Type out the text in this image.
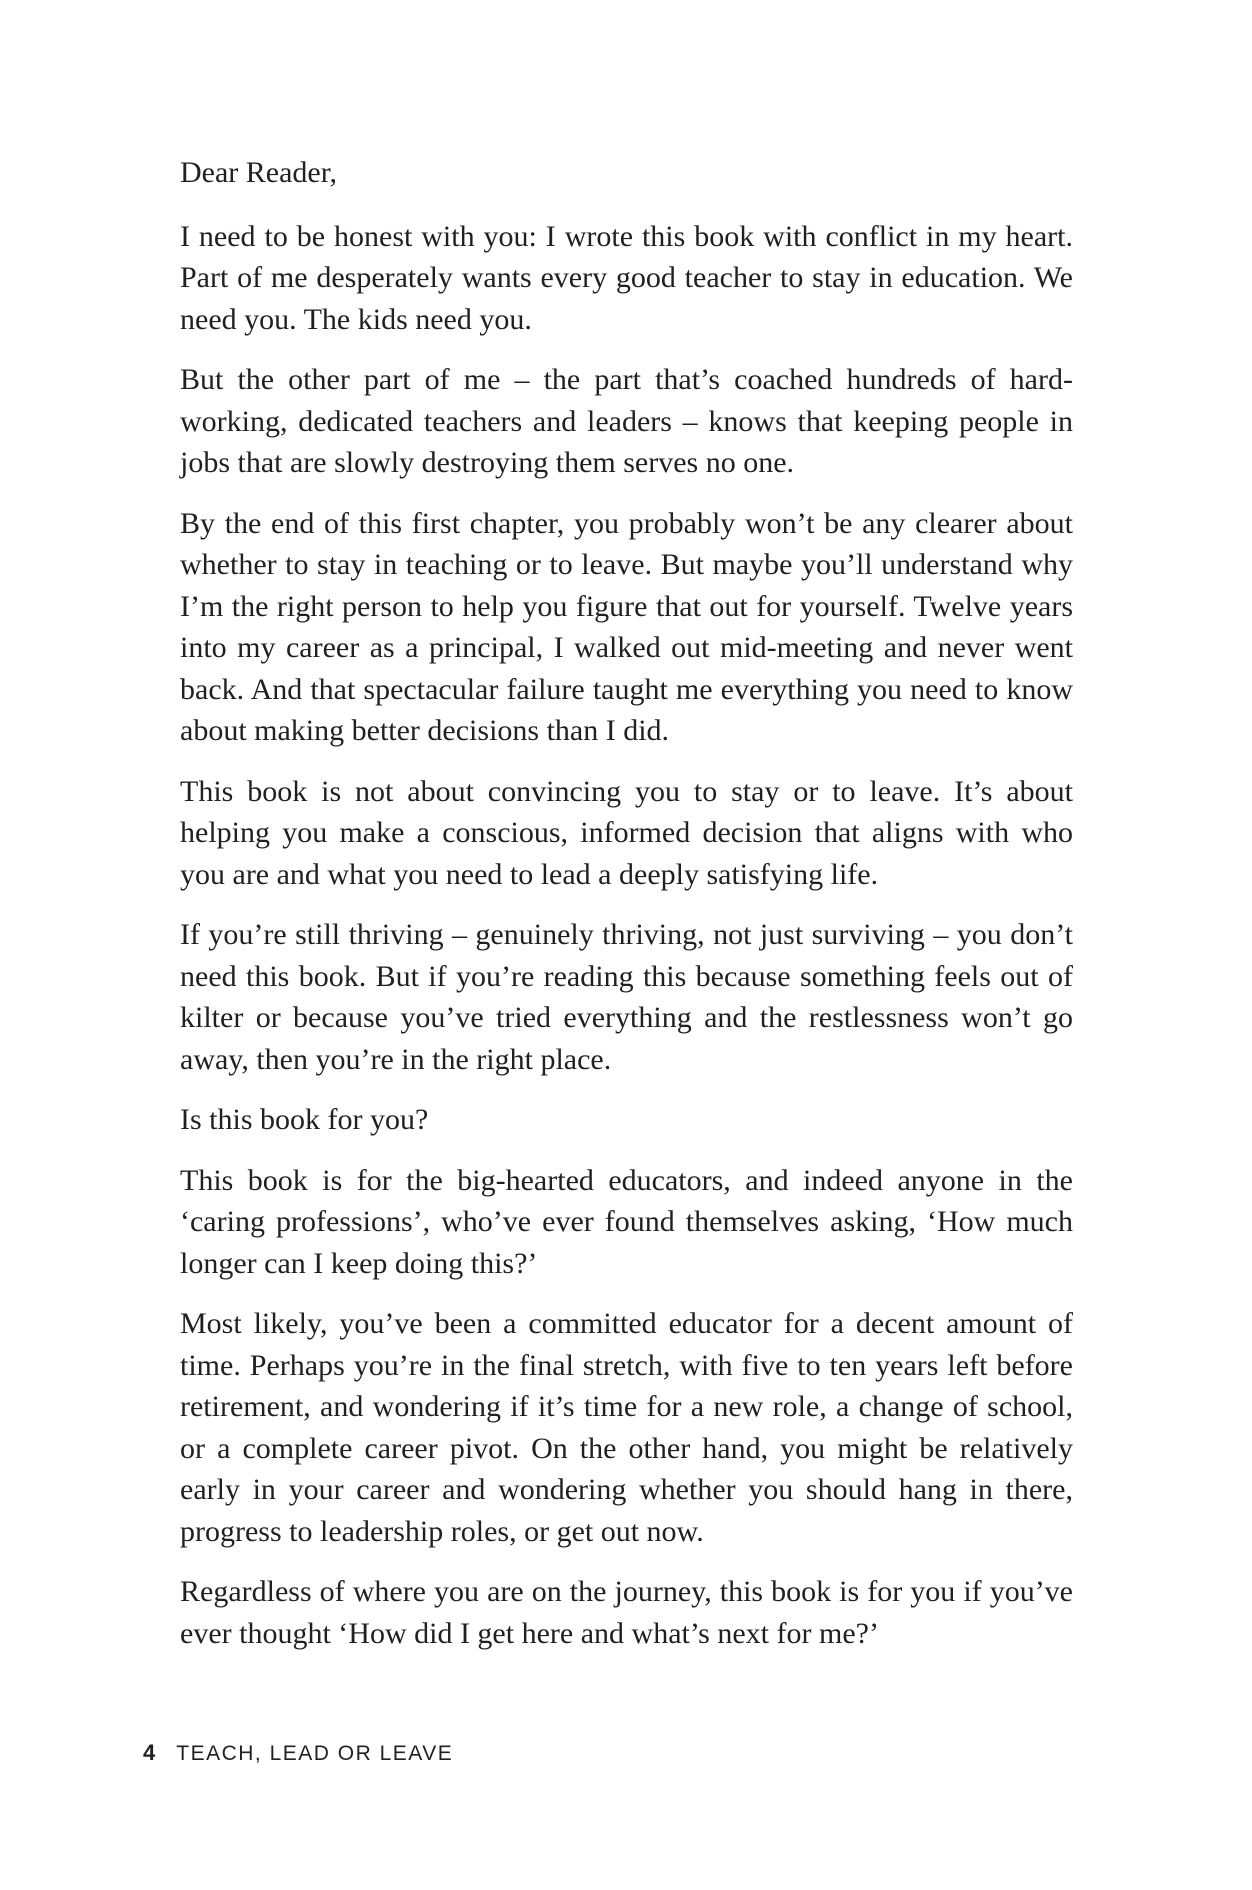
Dear Reader,

I need to be honest with you: I wrote this book with conflict in my heart. Part of me desperately wants every good teacher to stay in education. We need you. The kids need you.

But the other part of me – the part that’s coached hundreds of hardworking, dedicated teachers and leaders – knows that keeping people in jobs that are slowly destroying them serves no one.

By the end of this first chapter, you probably won’t be any clearer about whether to stay in teaching or to leave. But maybe you’ll understand why I’m the right person to help you figure that out for yourself. Twelve years into my career as a principal, I walked out mid-meeting and never went back. And that spectacular failure taught me everything you need to know about making better decisions than I did.

This book is not about convincing you to stay or to leave. It’s about helping you make a conscious, informed decision that aligns with who you are and what you need to lead a deeply satisfying life.

If you’re still thriving – genuinely thriving, not just surviving – you don’t need this book. But if you’re reading this because something feels out of kilter or because you’ve tried everything and the restlessness won’t go away, then you’re in the right place.

Is this book for you?

This book is for the big-hearted educators, and indeed anyone in the ‘caring professions’, who’ve ever found themselves asking, ‘How much longer can I keep doing this?’

Most likely, you’ve been a committed educator for a decent amount of time. Perhaps you’re in the final stretch, with five to ten years left before retirement, and wondering if it’s time for a new role, a change of school, or a complete career pivot. On the other hand, you might be relatively early in your career and wondering whether you should hang in there, progress to leadership roles, or get out now.

Regardless of where you are on the journey, this book is for you if you’ve ever thought ‘How did I get here and what’s next for me?’

4 TEACH, LEAD OR LEAVE
